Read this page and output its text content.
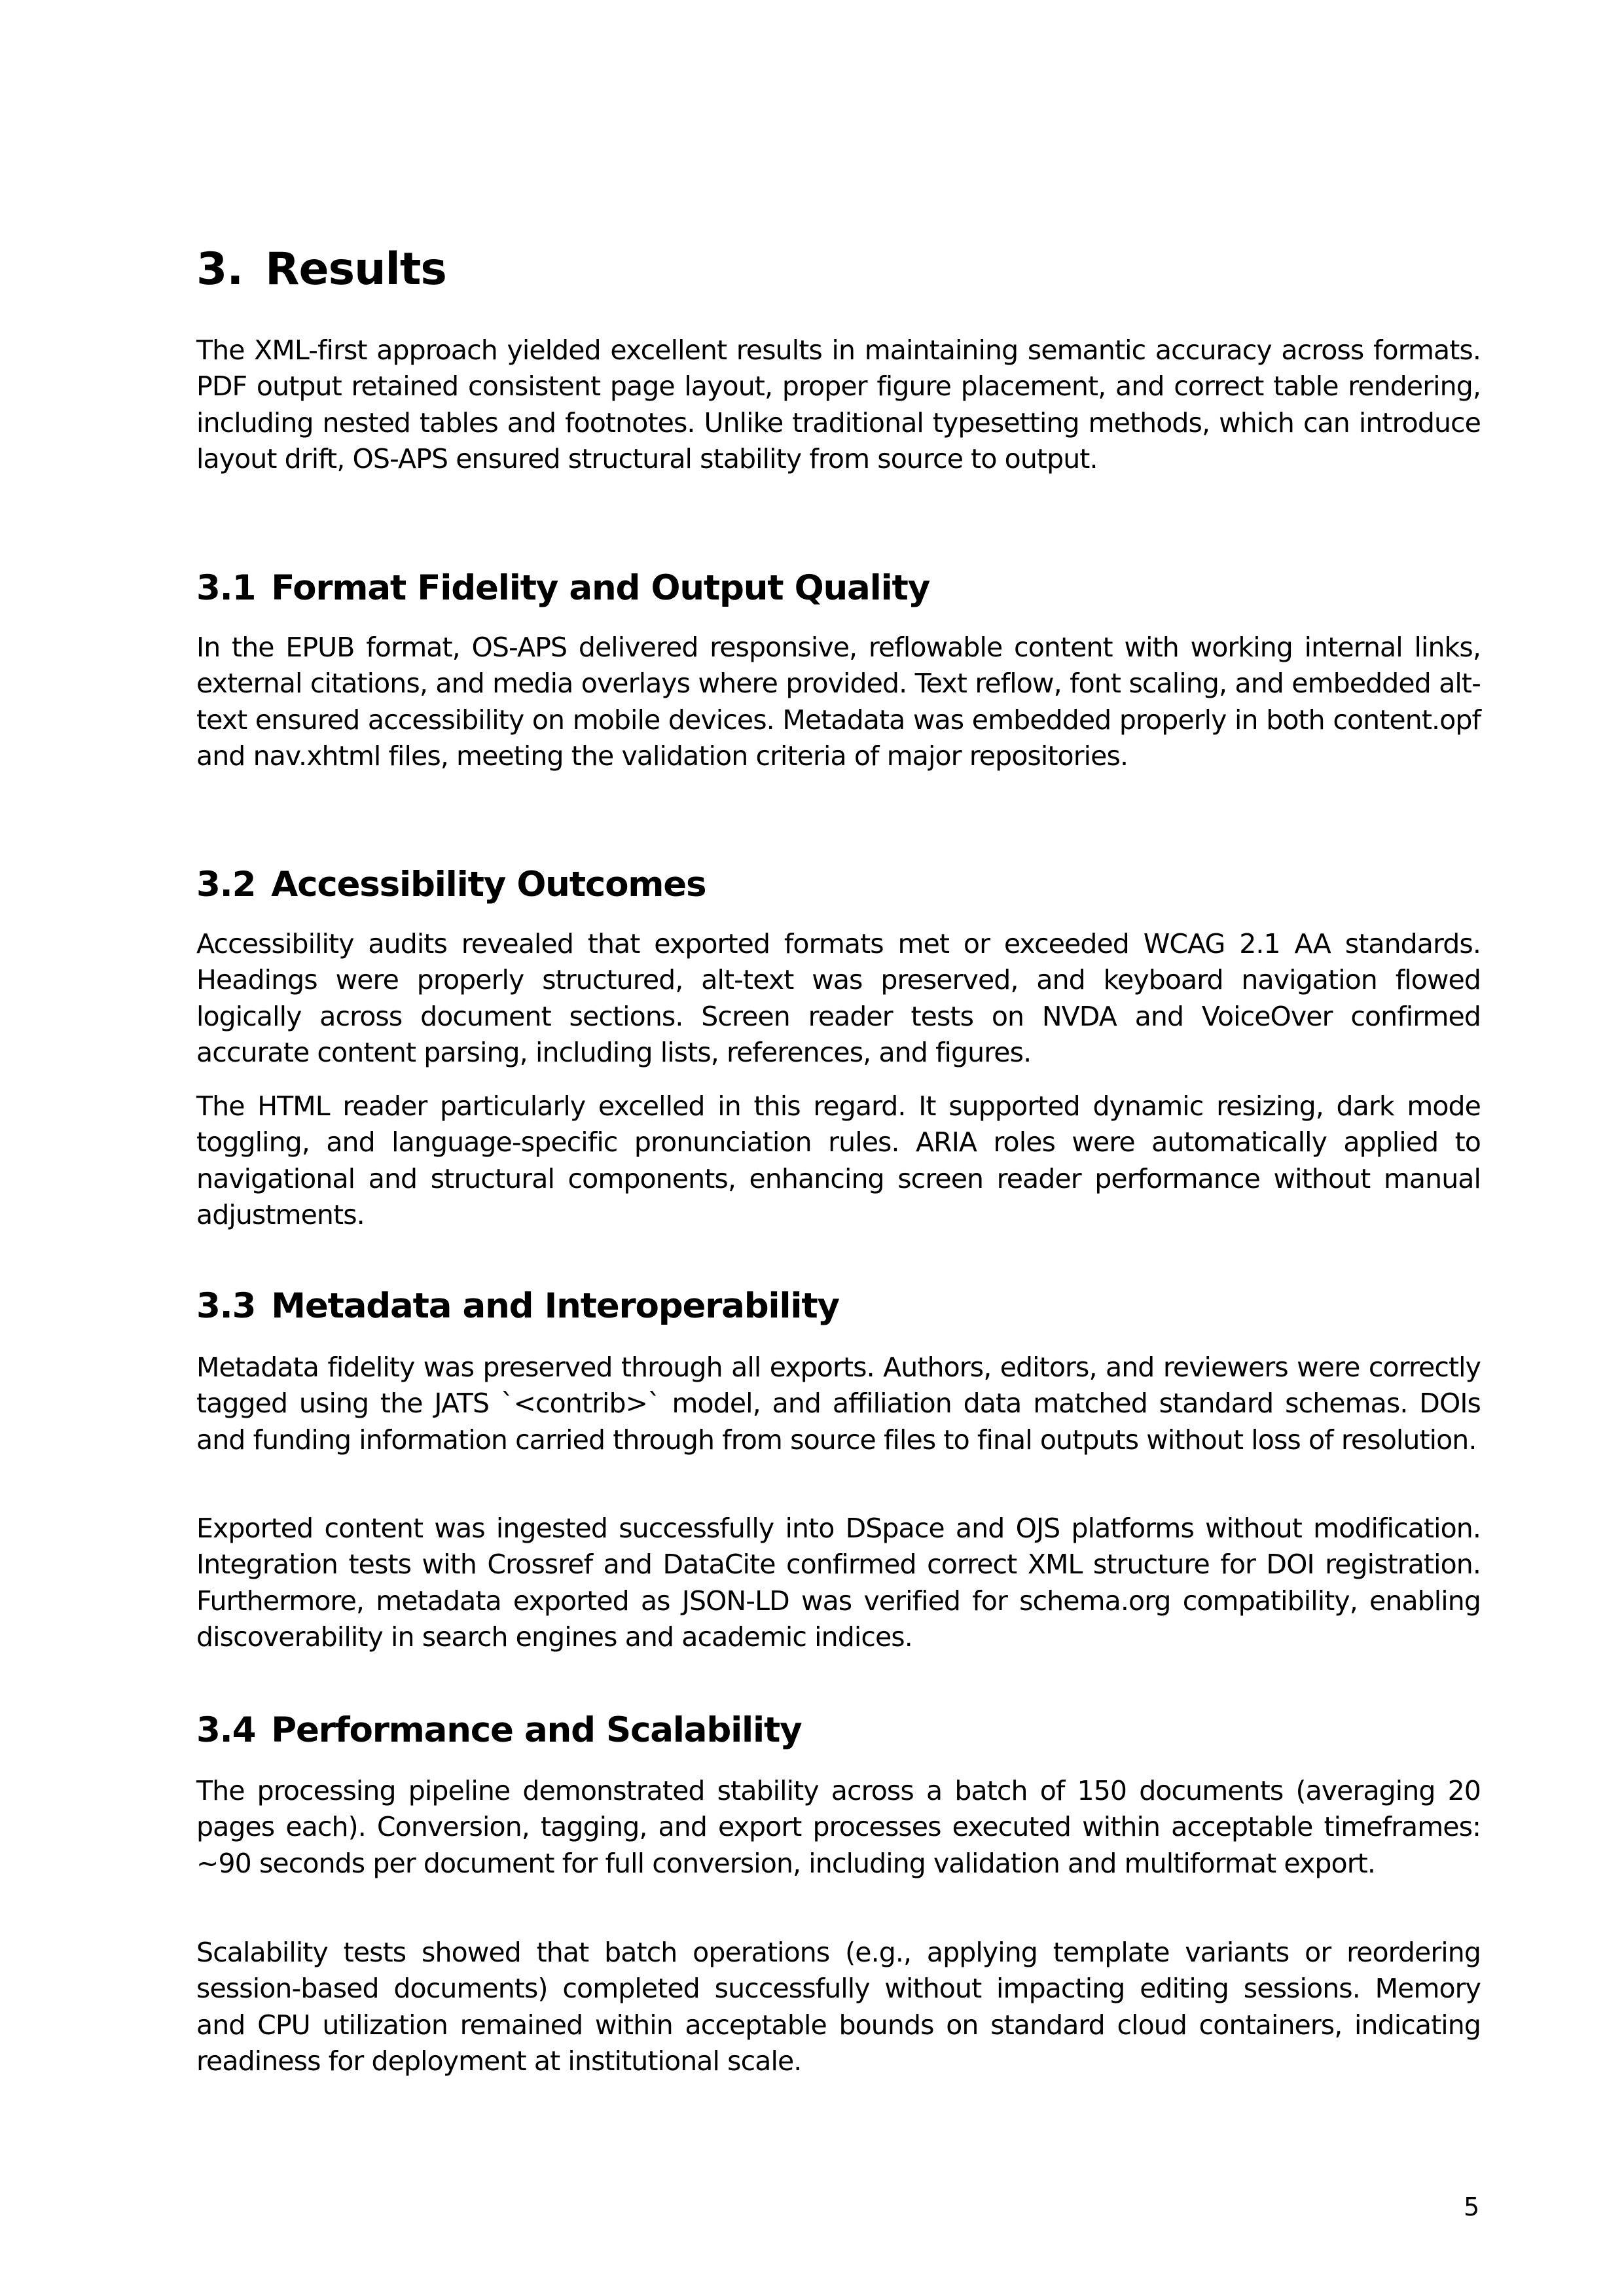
3. Results

The XML-first approach yielded excellent results in maintaining semantic accuracy across formats. PDF output retained consistent page layout, proper figure placement, and correct table rendering, including nested tables and footnotes. Unlike traditional typesetting methods, which can introduce layout drift, OS-APS ensured structural stability from source to output.

3.1 Format Fidelity and Output Quality

In the EPUB format, OS-APS delivered responsive, reflowable content with working internal links, external citations, and media overlays where provided. Text reflow, font scaling, and embedded alt-text ensured accessibility on mobile devices. Metadata was embedded properly in both content.opf and nav.xhtml files, meeting the validation criteria of major repositories.

3.2 Accessibility Outcomes

Accessibility audits revealed that exported formats met or exceeded WCAG 2.1 AA standards. Headings were properly structured, alt-text was preserved, and keyboard navigation flowed logically across document sections. Screen reader tests on NVDA and VoiceOver confirmed accurate content parsing, including lists, references, and figures.

The HTML reader particularly excelled in this regard. It supported dynamic resizing, dark mode toggling, and language-specific pronunciation rules. ARIA roles were automatically applied to navigational and structural components, enhancing screen reader performance without manual adjustments.

3.3 Metadata and Interoperability

Metadata fidelity was preserved through all exports. Authors, editors, and reviewers were correctly tagged using the JATS `<contrib>` model, and affiliation data matched standard schemas. DOIs and funding information carried through from source files to final outputs without loss of resolution.

Exported content was ingested successfully into DSpace and OJS platforms without modification. Integration tests with Crossref and DataCite confirmed correct XML structure for DOI registration. Furthermore, metadata exported as JSON-LD was verified for schema.org compatibility, enabling discoverability in search engines and academic indices.

3.4 Performance and Scalability

The processing pipeline demonstrated stability across a batch of 150 documents (averaging 20 pages each). Conversion, tagging, and export processes executed within acceptable timeframes: ~90 seconds per document for full conversion, including validation and multiformat export.

Scalability tests showed that batch operations (e.g., applying template variants or reordering session-based documents) completed successfully without impacting editing sessions. Memory and CPU utilization remained within acceptable bounds on standard cloud containers, indicating readiness for deployment at institutional scale.

5
